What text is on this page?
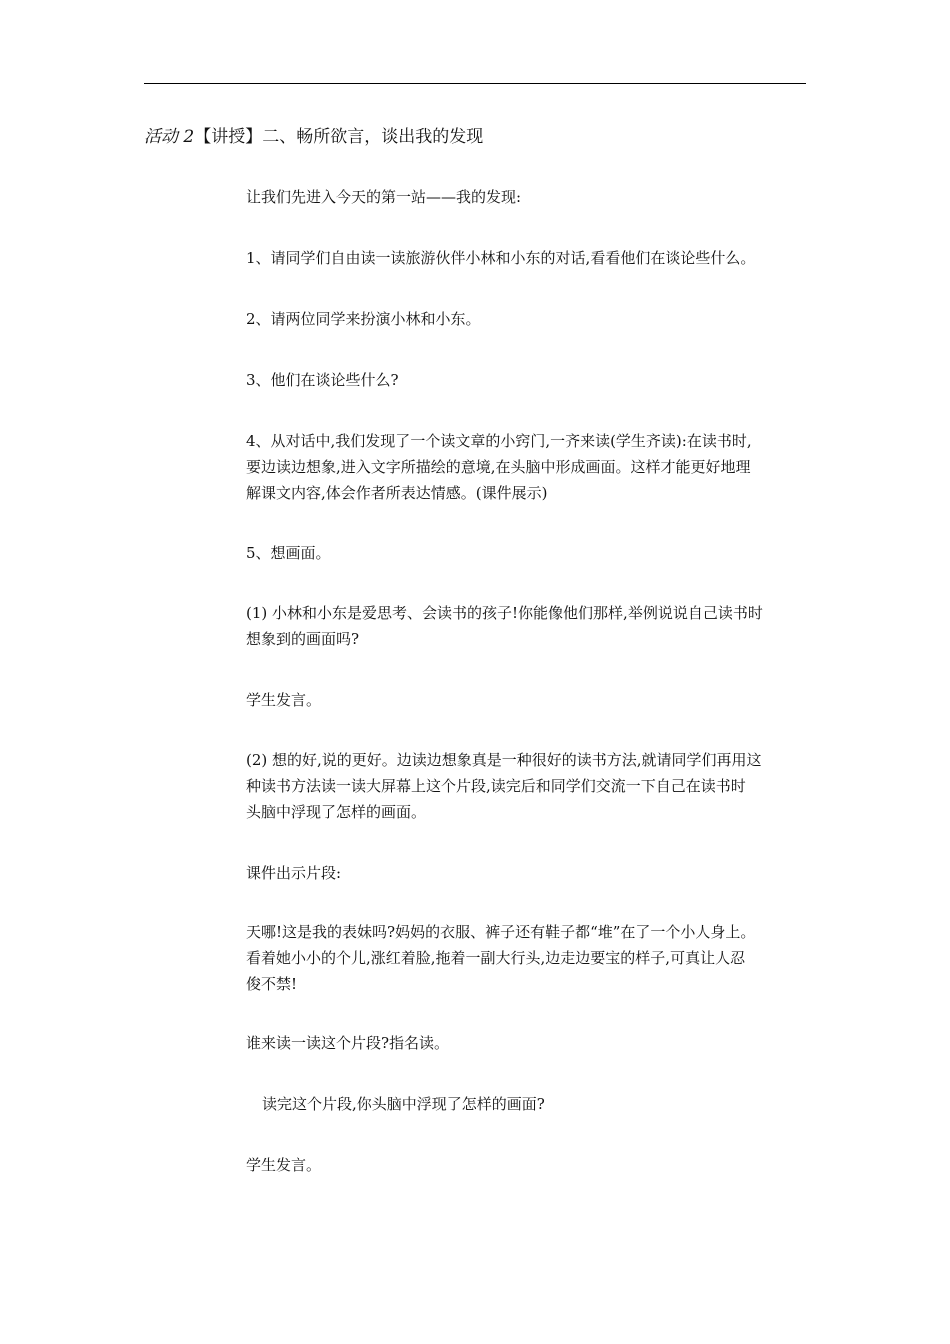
活动 2【讲授】二、畅所欲言，谈出我的发现

让我们先进入今天的第一站——我的发现:

1、请同学们自由读一读旅游伙伴小林和小东的对话,看看他们在谈论些什么。

2、请两位同学来扮演小林和小东。

3、他们在谈论些什么?

4、从对话中,我们发现了一个读文章的小窍门,一齐来读(学生齐读):在读书时,

要边读边想象,进入文字所描绘的意境,在头脑中形成画面。这样才能更好地理

解课文内容,体会作者所表达情感。(课件展示)

5、想画面。

(1) 小林和小东是爱思考、会读书的孩子!你能像他们那样,举例说说自己读书时

想象到的画面吗?

学生发言。

(2) 想的好,说的更好。边读边想象真是一种很好的读书方法,就请同学们再用这

种读书方法读一读大屏幕上这个片段,读完后和同学们交流一下自己在读书时

头脑中浮现了怎样的画面。

课件出示片段:

天哪!这是我的表妹吗?妈妈的衣服、裤子还有鞋子都“堆”在了一个小人身上。

看着她小小的个儿,涨红着脸,拖着一副大行头,边走边要宝的样子,可真让人忍

俊不禁!

谁来读一读这个片段?指名读。

读完这个片段,你头脑中浮现了怎样的画面?

学生发言。
